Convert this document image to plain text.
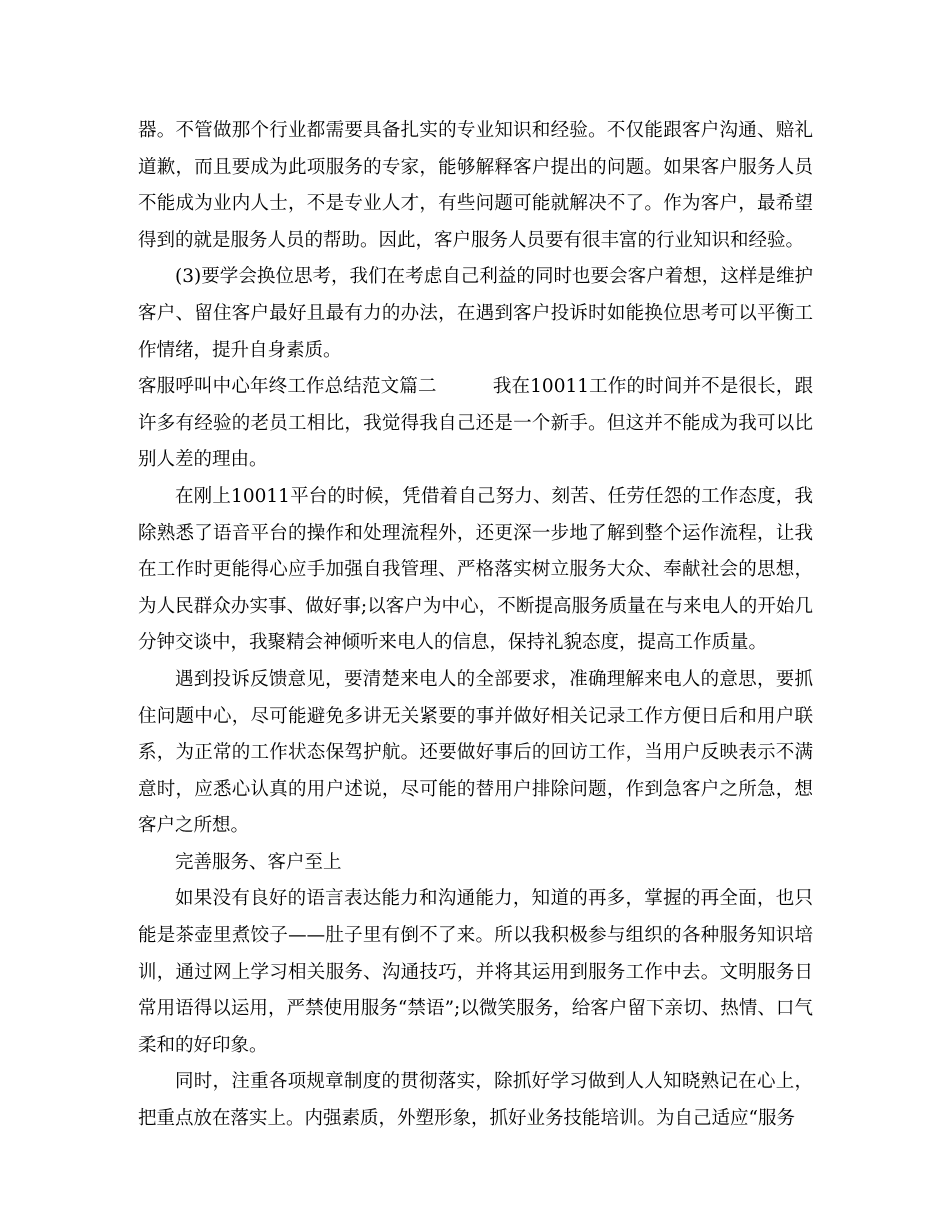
器。不管做那个行业都需要具备扎实的专业知识和经验。不仅能跟客户沟通、赔礼道歉，而且要成为此项服务的专家，能够解释客户提出的问题。如果客户服务人员不能成为业内人士，不是专业人才，有些问题可能就解决不了。作为客户，最希望得到的就是服务人员的帮助。因此，客户服务人员要有很丰富的行业知识和经验。

(3)要学会换位思考，我们在考虑自己利益的同时也要会客户着想，这样是维护客户、留住客户最好且最有力的办法，在遇到客户投诉时如能换位思考可以平衡工作情绪，提升自身素质。

客服呼叫中心年终工作总结范文篇二	我在10011工作的时间并不是很长，跟许多有经验的老员工相比，我觉得我自己还是一个新手。但这并不能成为我可以比别人差的理由。

在刚上10011平台的时候，凭借着自己努力、刻苦、任劳任怨的工作态度，我除熟悉了语音平台的操作和处理流程外，还更深一步地了解到整个运作流程，让我在工作时更能得心应手加强自我管理、严格落实树立服务大众、奉献社会的思想，为人民群众办实事、做好事;以客户为中心，不断提高服务质量在与来电人的开始几分钟交谈中，我聚精会神倾听来电人的信息，保持礼貌态度，提高工作质量。

遇到投诉反馈意见，要清楚来电人的全部要求，准确理解来电人的意思，要抓住问题中心，尽可能避免多讲无关紧要的事并做好相关记录工作方便日后和用户联系，为正常的工作状态保驾护航。还要做好事后的回访工作，当用户反映表示不满意时，应悉心认真的用户述说，尽可能的替用户排除问题，作到急客户之所急，想客户之所想。

完善服务、客户至上

如果没有良好的语言表达能力和沟通能力，知道的再多，掌握的再全面，也只能是茶壶里煮饺子——肚子里有倒不了来。所以我积极参与组织的各种服务知识培训，通过网上学习相关服务、沟通技巧，并将其运用到服务工作中去。文明服务日常用语得以运用，严禁使用服务“禁语”;以微笑服务，给客户留下亲切、热情、口气柔和的好印象。

同时，注重各项规章制度的贯彻落实，除抓好学习做到人人知晓熟记在心上，把重点放在落实上。内强素质，外塑形象，抓好业务技能培训。为自己适应“服务
